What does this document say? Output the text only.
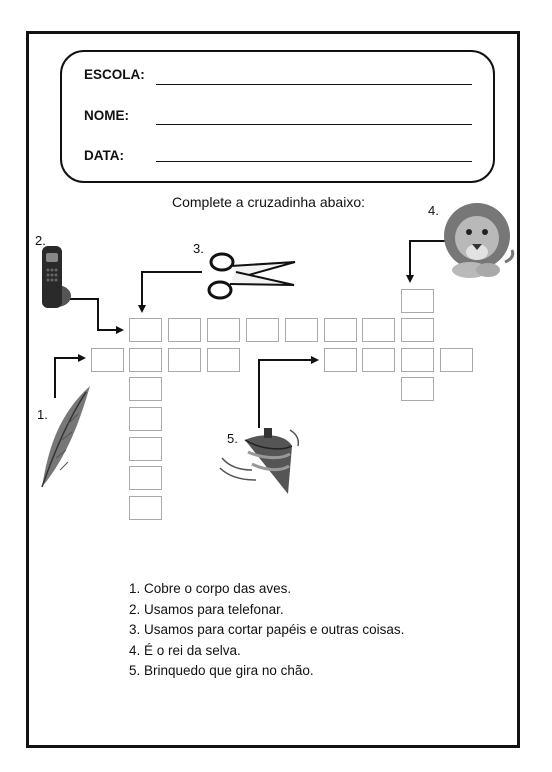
ESCOLA:
NOME:
DATA:
Complete a cruzadinha abaixo:
2.
3.
4.
1.
5.
1. Cobre o corpo das aves.
2. Usamos para telefonar.
3. Usamos para cortar papéis e outras coisas.
4. É o rei da selva.
5. Brinquedo que gira no chão.
